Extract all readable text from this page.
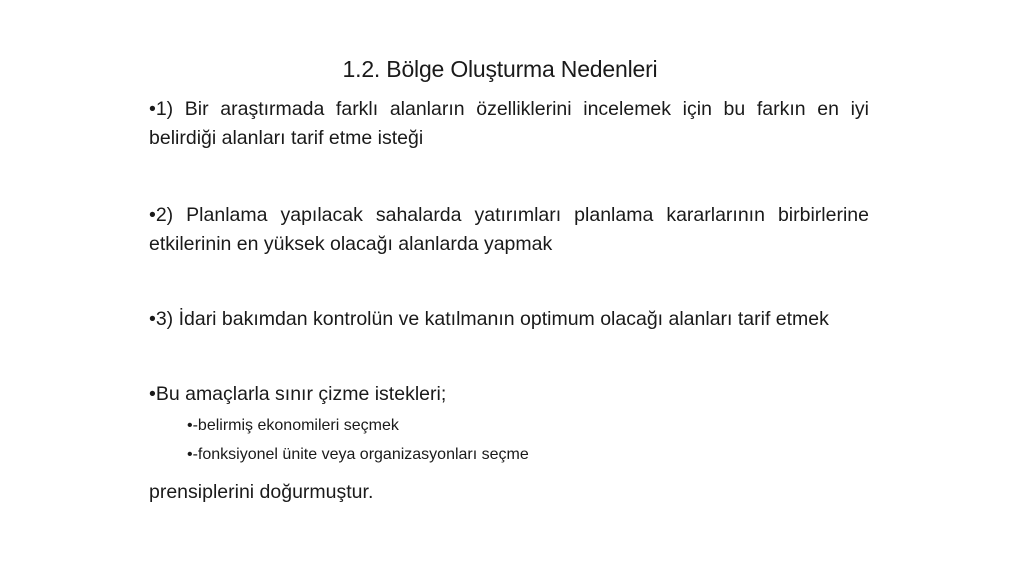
1.2. Bölge Oluşturma Nedenleri

•1) Bir araştırmada farklı alanların özelliklerini incelemek için bu farkın en iyi belirdiği alanları tarif etme isteği

•2) Planlama yapılacak sahalarda yatırımları planlama kararlarının birbirlerine etkilerinin en yüksek olacağı alanlarda yapmak

•3) İdari bakımdan kontrolün ve katılmanın optimum olacağı alanları tarif etmek

•Bu amaçlarla sınır çizme istekleri;

•-belirmiş ekonomileri seçmek
•-fonksiyonel ünite veya organizasyonları seçme

prensiplerini doğurmuştur.
